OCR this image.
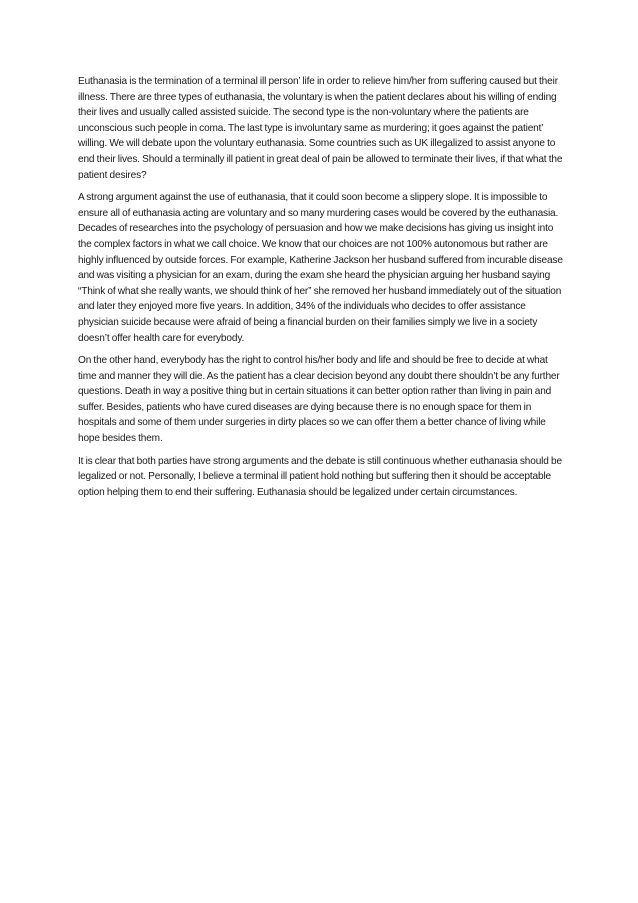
Euthanasia is the termination of a terminal ill person’ life in order to relieve him/her from suffering caused but their illness. There are three types of euthanasia, the voluntary is when the patient declares about his willing of ending their lives and usually called assisted suicide. The second type is the non-voluntary where the patients are unconscious such people in coma. The last type is involuntary same as murdering; it goes against the patient’ willing. We will debate upon the voluntary euthanasia. Some countries such as UK illegalized to assist anyone to end their lives. Should a terminally ill patient in great deal of pain be allowed to terminate their lives, if that what the patient desires?

A strong argument against the use of euthanasia, that it could soon become a slippery slope. It is impossible to ensure all of euthanasia acting are voluntary and so many murdering cases would be covered by the euthanasia. Decades of researches into the psychology of persuasion and how we make decisions has giving us insight into the complex factors in what we call choice. We know that our choices are not 100% autonomous but rather are highly influenced by outside forces. For example, Katherine Jackson her husband suffered from incurable disease and was visiting a physician for an exam, during the exam she heard the physician arguing her husband saying “Think of what she really wants, we should think of her” she removed her husband immediately out of the situation and later they enjoyed more five years. In addition, 34% of the individuals who decides to offer assistance physician suicide because were afraid of being a financial burden on their families simply we live in a society doesn’t offer health care for everybody.

On the other hand, everybody has the right to control his/her body and life and should be free to decide at what time and manner they will die. As the patient has a clear decision beyond any doubt there shouldn’t be any further questions. Death in way a positive thing but in certain situations it can better option rather than living in pain and suffer. Besides, patients who have cured diseases are dying because there is no enough space for them in hospitals and some of them under surgeries in dirty places so we can offer them a better chance of living while hope besides them.

It is clear that both parties have strong arguments and the debate is still continuous whether euthanasia should be legalized or not. Personally, I believe a terminal ill patient hold nothing but suffering then it should be acceptable option helping them to end their suffering. Euthanasia should be legalized under certain circumstances.
